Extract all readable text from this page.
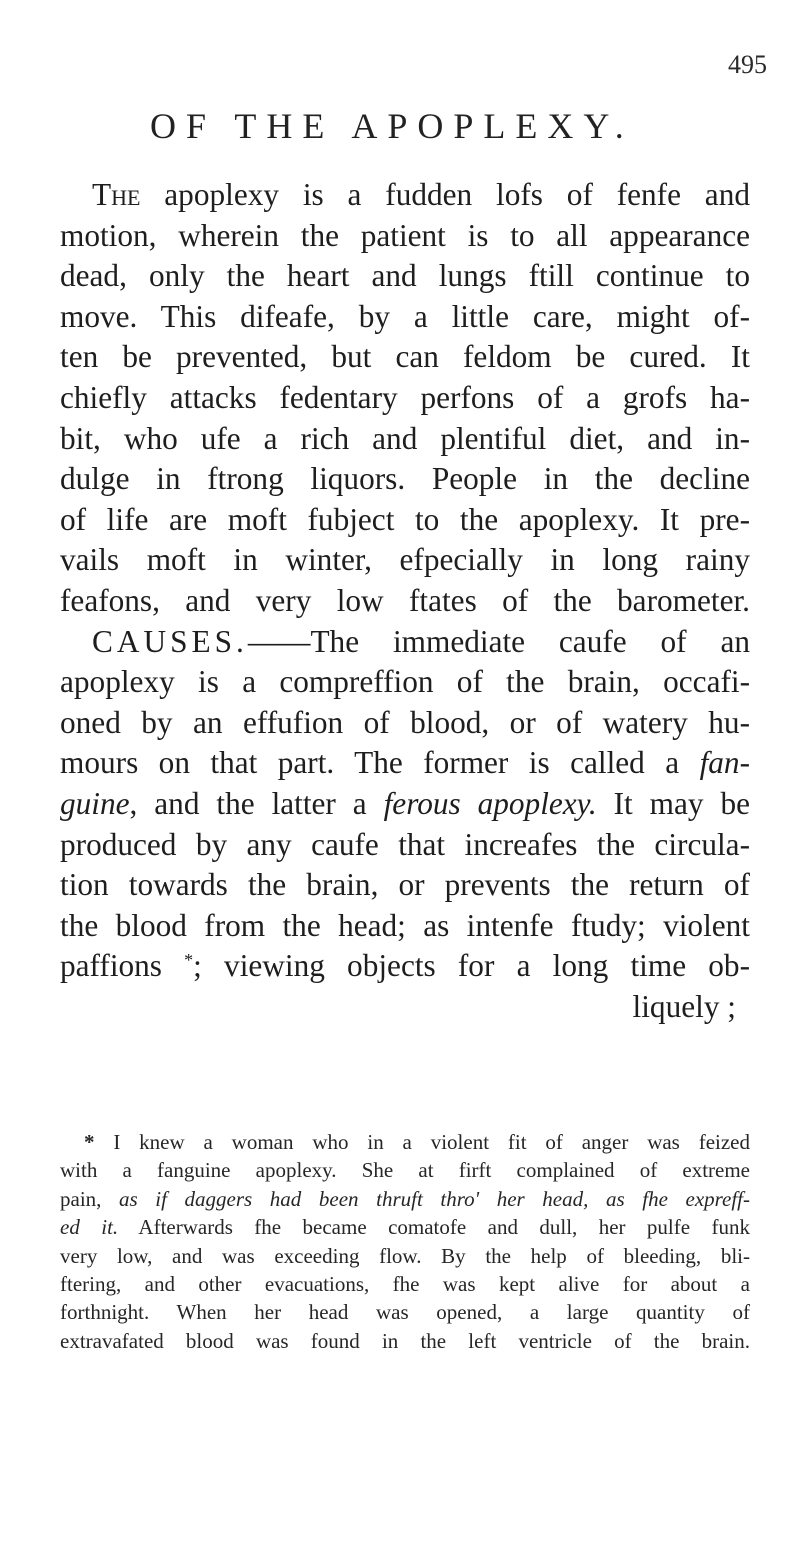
495
OF THE APOPLEXY.
The apoplexy is a fudden lofs of fenfe and
motion, wherein the patient is to all appearance
dead, only the heart and lungs ftill continue to
move. This difeafe, by a little care, might of-
ten be prevented, but can feldom be cured. It
chiefly attacks fedentary perfons of a grofs ha-
bit, who ufe a rich and plentiful diet, and in-
dulge in ftrong liquors. People in the decline
of life are moft fubject to the apoplexy. It pre-
vails moft in winter, efpecially in long rainy
feafons, and very low ftates of the barometer.
CAUSES.——The immediate caufe of an
apoplexy is a compreffion of the brain, occafi-
oned by an effufion of blood, or of watery hu-
mours on that part. The former is called a fan-
guine, and the latter a ferous apoplexy. It may be
produced by any caufe that increafes the circula-
tion towards the brain, or prevents the return of
the blood from the head; as intenfe ftudy; violent
paffions *; viewing objects for a long time ob-
liquely ;
* I knew a woman who in a violent fit of anger was feized
with a fanguine apoplexy. She at firft complained of extreme
pain, as if daggers had been thruft thro' her head, as fhe expreff-
ed it. Afterwards fhe became comatofe and dull, her pulfe funk
very low, and was exceeding flow. By the help of bleeding, bli-
ftering, and other evacuations, fhe was kept alive for about a
forthnight. When her head was opened, a large quantity of
extravafated blood was found in the left ventricle of the brain.
